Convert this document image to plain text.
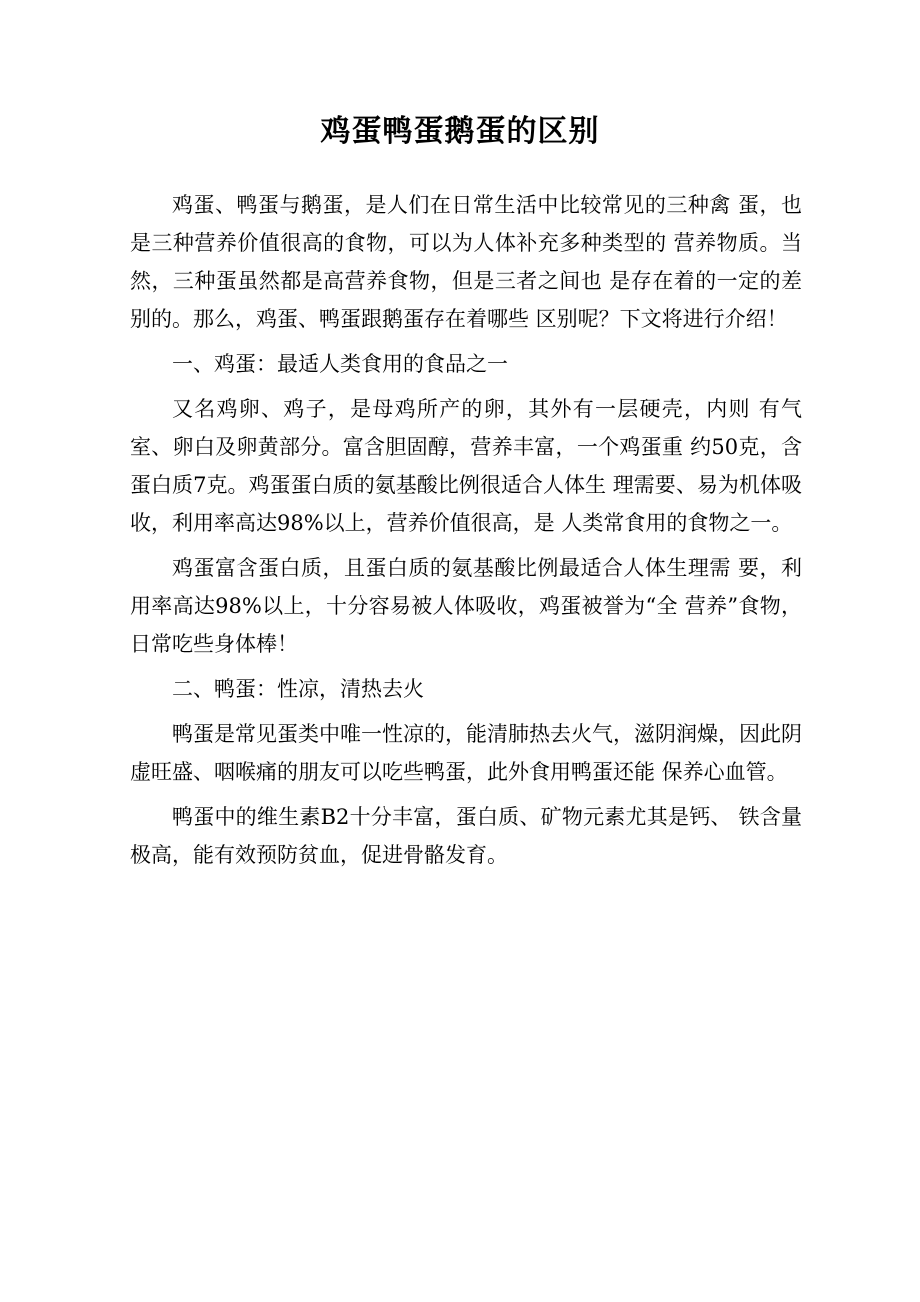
鸡蛋鸭蛋鹅蛋的区别

鸡蛋、鸭蛋与鹅蛋，是人们在日常生活中比较常见的三种禽 蛋，也是三种营养价值很高的食物，可以为人体补充多种类型的 营养物质。当然，三种蛋虽然都是高营养食物，但是三者之间也 是存在着的一定的差别的。那么，鸡蛋、鸭蛋跟鹅蛋存在着哪些 区别呢？下文将进行介绍！

一、鸡蛋：最适人类食用的食品之一

又名鸡卵、鸡子，是母鸡所产的卵，其外有一层硬壳，内则 有气室、卵白及卵黄部分。富含胆固醇，营养丰富，一个鸡蛋重 约50克，含蛋白质7克。鸡蛋蛋白质的氨基酸比例很适合人体生 理需要、易为机体吸收，利用率高达98%以上，营养价值很高，是 人类常食用的食物之一。

鸡蛋富含蛋白质，且蛋白质的氨基酸比例最适合人体生理需 要，利用率高达98%以上，十分容易被人体吸收，鸡蛋被誉为“全 营养”食物，日常吃些身体棒！

二、鸭蛋：性凉，清热去火

鸭蛋是常见蛋类中唯一性凉的，能清肺热去火气，滋阴润燥，因此阴虚旺盛、咽喉痛的朋友可以吃些鸭蛋，此外食用鸭蛋还能 保养心血管。

鸭蛋中的维生素B2十分丰富，蛋白质、矿物元素尤其是钙、 铁含量极高，能有效预防贫血，促进骨骼发育。
